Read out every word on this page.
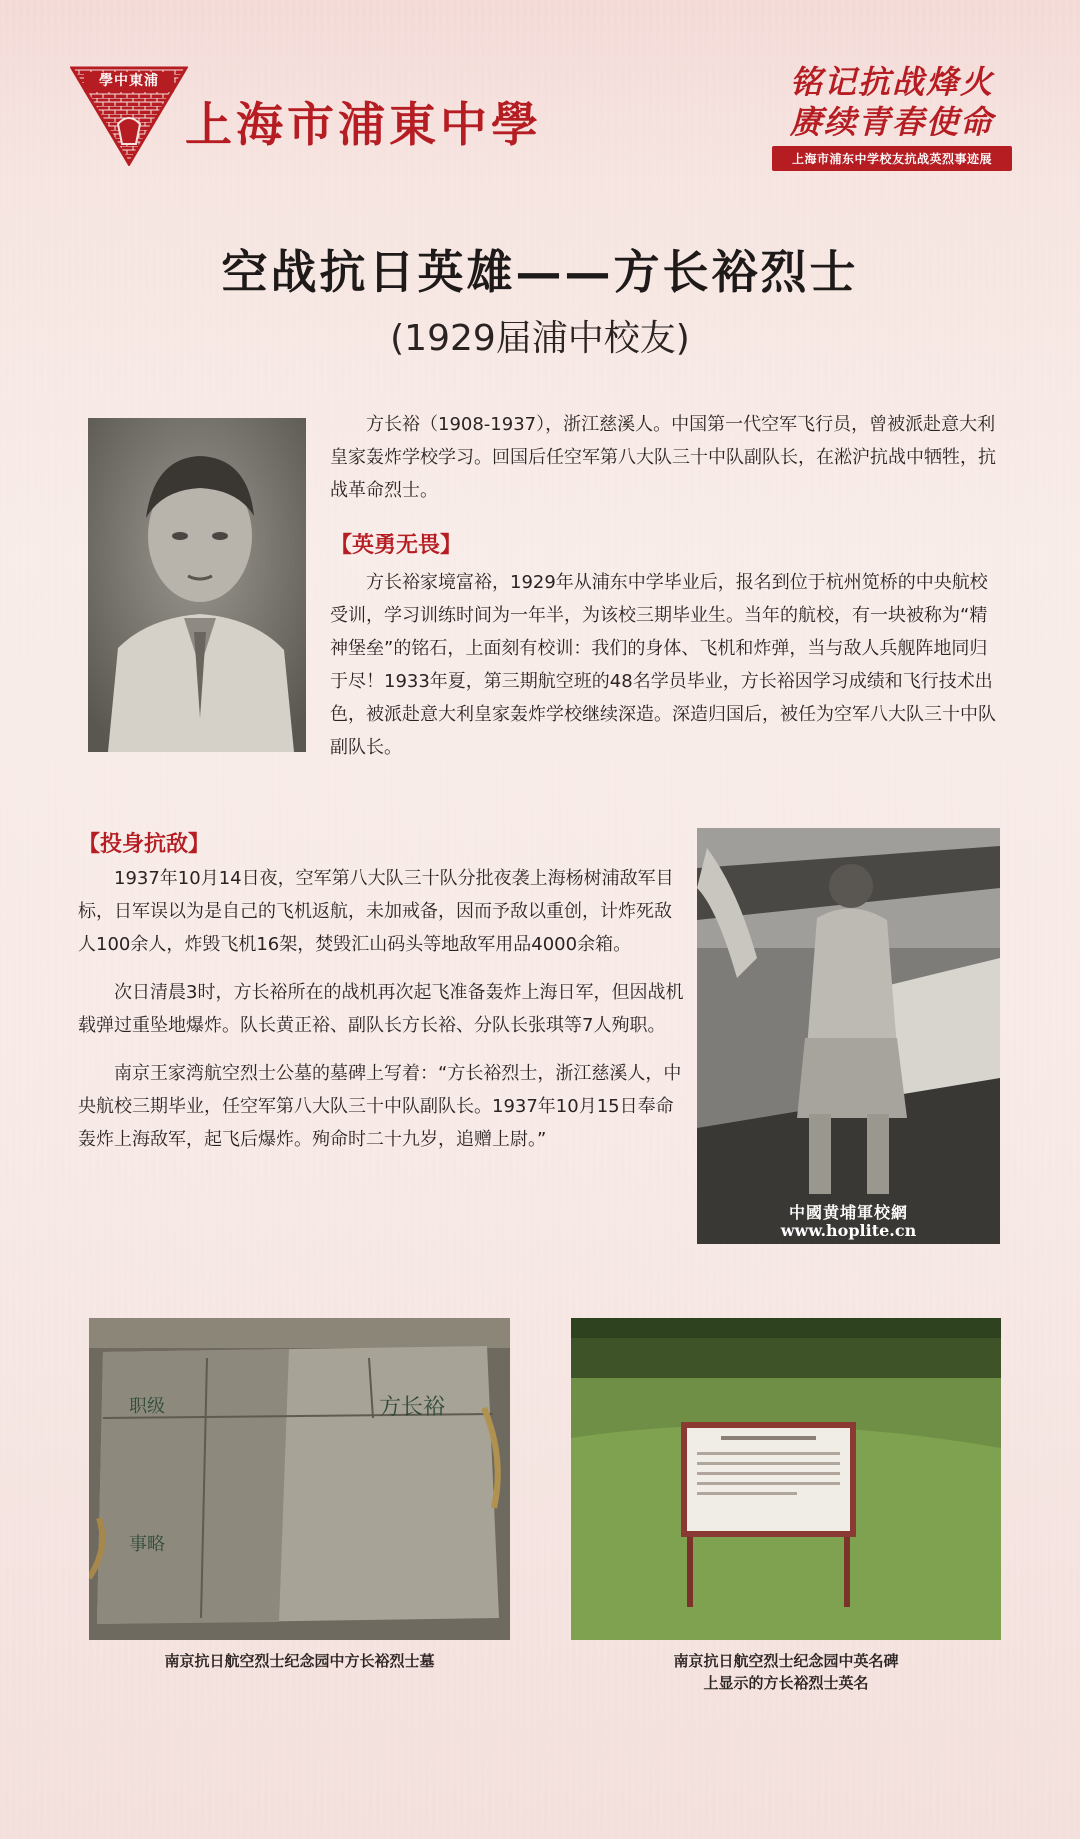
學中東浦
上海市浦東中學
铭记抗战烽火
赓续青春使命
上海市浦东中学校友抗战英烈事迹展
空战抗日英雄——方长裕烈士
(1929届浦中校友)

方长裕（1908-1937），浙江慈溪人。中国第一代空军飞行员，曾被派赴意大利皇家轰炸学校学习。回国后任空军第八大队三十中队副队长，在淞沪抗战中牺牲，抗战革命烈士。

【英勇无畏】

方长裕家境富裕，1929年从浦东中学毕业后，报名到位于杭州笕桥的中央航校受训，学习训练时间为一年半，为该校三期毕业生。当年的航校，有一块被称为“精神堡垒”的铭石，上面刻有校训：我们的身体、飞机和炸弹，当与敌人兵舰阵地同归于尽！1933年夏，第三期航空班的48名学员毕业，方长裕因学习成绩和飞行技术出色，被派赴意大利皇家轰炸学校继续深造。深造归国后，被任为空军八大队三十中队副队长。

【投身抗敌】

1937年10月14日夜，空军第八大队三十队分批夜袭上海杨树浦敌军目标，日军误以为是自己的飞机返航，未加戒备，因而予敌以重创，计炸死敌人100余人，炸毁飞机16架，焚毁汇山码头等地敌军用品4000余箱。

次日清晨3时，方长裕所在的战机再次起飞准备轰炸上海日军，但因战机载弹过重坠地爆炸。队长黄正裕、副队长方长裕、分队长张琪等7人殉职。

南京王家湾航空烈士公墓的墓碑上写着：“方长裕烈士，浙江慈溪人，中央航校三期毕业，任空军第八大队三十中队副队长。1937年10月15日奉命轰炸上海敌军，起飞后爆炸。殉命时二十九岁，追赠上尉。”

中國黄埔軍校網
www.hoplite.cn
职级	方长裕
事略
南京抗日航空烈士纪念园中方长裕烈士墓	南京抗日航空烈士纪念园中英名碑
上显示的方长裕烈士英名
